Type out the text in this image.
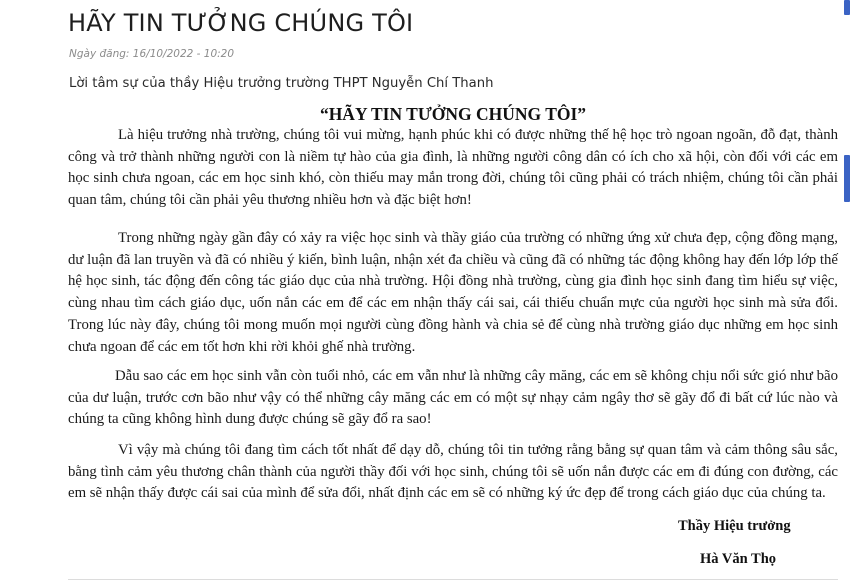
HÃY TIN TƯỞNG CHÚNG TÔI
Ngày đăng: 16/10/2022 - 10:20
Lời tâm sự của thầy Hiệu trưởng trường THPT Nguyễn Chí Thanh
“HÃY TIN TƯỞNG CHÚNG TÔI”

Là hiệu trưởng nhà trường, chúng tôi vui mừng, hạnh phúc khi có được những thế hệ học trò ngoan ngoãn, đỗ đạt, thành công và trở thành những người con là niềm tự hào của gia đình, là những người công dân có ích cho xã hội, còn đối với các em học sinh chưa ngoan, các em học sinh khó, còn thiếu may mắn trong đời, chúng tôi cũng phải có trách nhiệm, chúng tôi cần phải quan tâm, chúng tôi cần phải yêu thương nhiều hơn và đặc biệt hơn!

Trong những ngày gần đây có xảy ra việc học sinh và thầy giáo của trường có những ứng xử chưa đẹp, cộng đồng mạng, dư luận đã lan truyền và đã có nhiều ý kiến, bình luận, nhận xét đa chiều và cũng đã có những tác động không hay đến lớp lớp thế hệ học sinh, tác động đến công tác giáo dục của nhà trường. Hội đồng nhà trường, cùng gia đình học sinh đang tìm hiểu sự việc, cùng nhau tìm cách giáo dục, uốn nắn các em để các em nhận thấy cái sai, cái thiếu chuẩn mực của người học sinh mà sửa đổi. Trong lúc này đây, chúng tôi mong muốn mọi người cùng đồng hành và chia sẻ để cùng nhà trường giáo dục những em học sinh chưa ngoan để các em tốt hơn khi rời khỏi ghế nhà trường.

Dẫu sao các em học sinh vẫn còn tuổi nhỏ, các em vẫn như là những cây măng, các em sẽ không chịu nổi sức gió như bão của dư luận, trước cơn bão như vậy có thể những cây măng các em có một sự nhạy cảm ngây thơ sẽ gãy đổ đi bất cứ lúc nào và chúng ta cũng không hình dung được chúng sẽ gãy đổ ra sao!

Vì vậy mà chúng tôi đang tìm cách tốt nhất để dạy dỗ, chúng tôi tin tưởng rằng bằng sự quan tâm và cảm thông sâu sắc, bằng tình cảm yêu thương chân thành của người thầy đối với học sinh, chúng tôi sẽ uốn nắn được các em đi đúng con đường, các em sẽ nhận thấy được cái sai của mình để sửa đổi, nhất định các em sẽ có những ký ức đẹp để trong cách giáo dục của chúng ta.

Thầy Hiệu trưởng
Hà Văn Thọ
